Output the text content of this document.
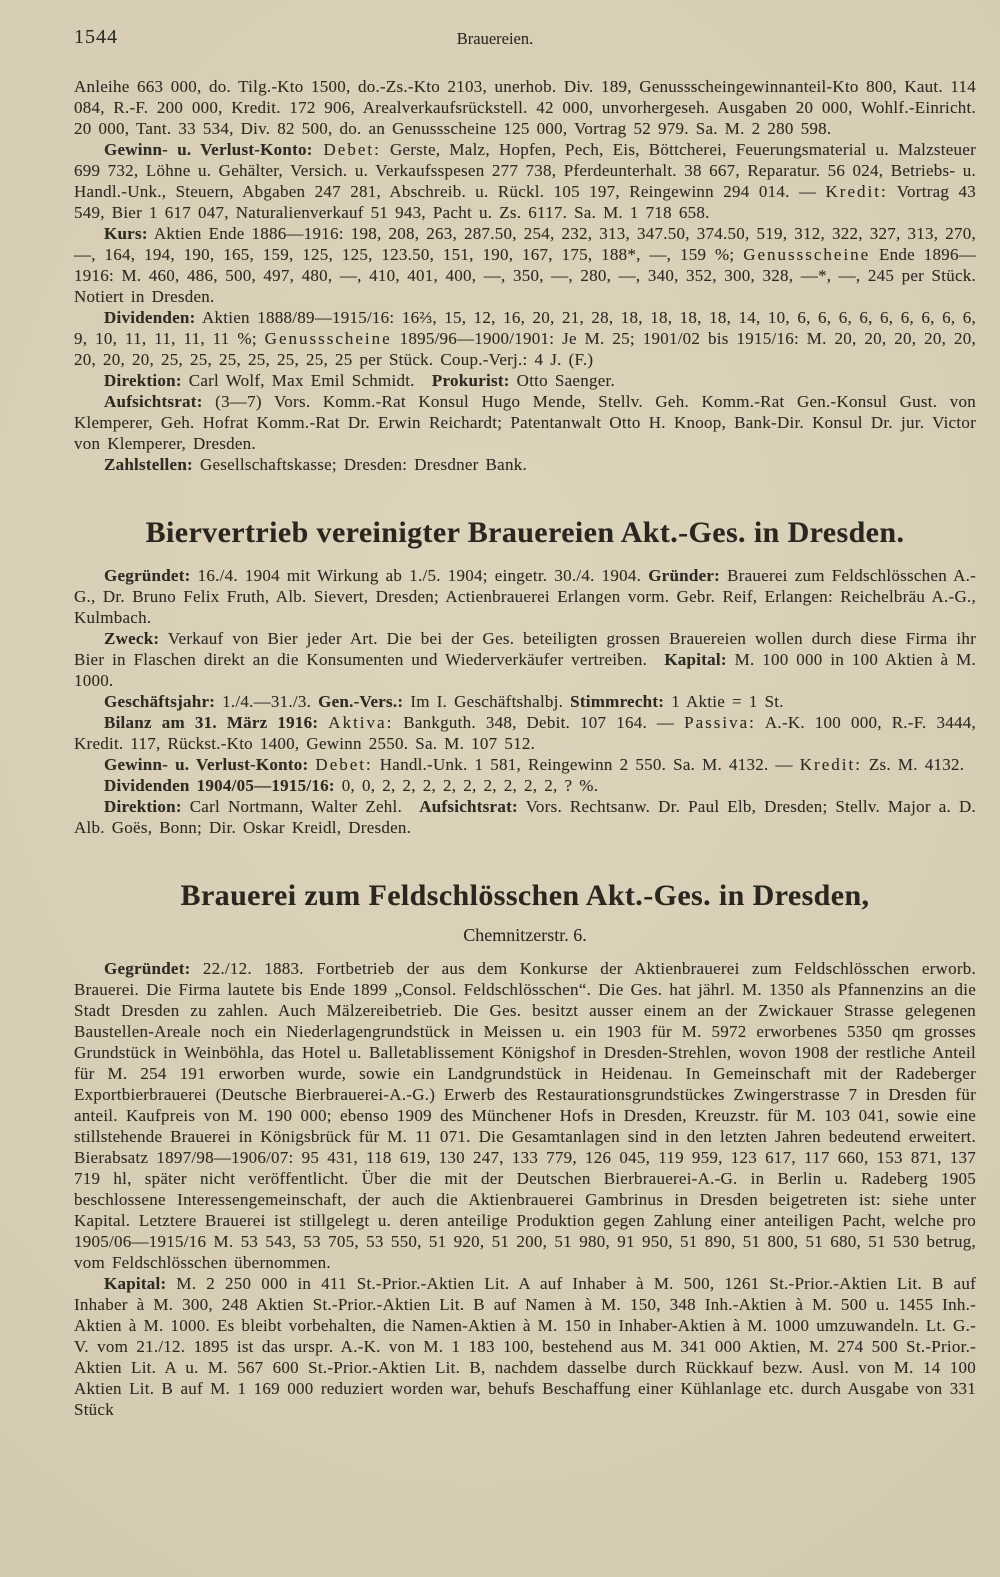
1544	Brauereien.

Anleihe 663 000, do. Tilg.-Kto 1500, do.-Zs.-Kto 2103, unerhob. Div. 189, Genussscheingewinnanteil-Kto 800, Kaut. 114 084, R.-F. 200 000, Kredit. 172 906, Arealverkaufsrückstell. 42 000, unvorhergeseh. Ausgaben 20 000, Wohlf.-Einricht. 20 000, Tant. 33 534, Div. 82 500, do. an Genussscheine 125 000, Vortrag 52 979. Sa. M. 2 280 598.

Gewinn- u. Verlust-Konto: Debet: Gerste, Malz, Hopfen, Pech, Eis, Böttcherei, Feuerungsmaterial u. Malzsteuer 699 732, Löhne u. Gehälter, Versich. u. Verkaufsspesen 277 738, Pferdeunterhalt. 38 667, Reparatur. 56 024, Betriebs- u. Handl.-Unk., Steuern, Abgaben 247 281, Abschreib. u. Rückl. 105 197, Reingewinn 294 014. — Kredit: Vortrag 43 549, Bier 1 617 047, Naturalienverkauf 51 943, Pacht u. Zs. 6117. Sa. M. 1 718 658.

Kurs: Aktien Ende 1886—1916: 198, 208, 263, 287.50, 254, 232, 313, 347.50, 374.50, 519, 312, 322, 327, 313, 270, —, 164, 194, 190, 165, 159, 125, 125, 123.50, 151, 190, 167, 175, 188*, —, 159 %; Genussscheine Ende 1896—1916: M. 460, 486, 500, 497, 480, —, 410, 401, 400, —, 350, —, 280, —, 340, 352, 300, 328, —*, —, 245 per Stück. Notiert in Dresden.

Dividenden: Aktien 1888/89—1915/16: 16⅔, 15, 12, 16, 20, 21, 28, 18, 18, 18, 18, 14, 10, 6, 6, 6, 6, 6, 6, 6, 6, 6, 9, 10, 11, 11, 11, 11 %; Genussscheine 1895/96—1900/1901: Je M. 25; 1901/02 bis 1915/16: M. 20, 20, 20, 20, 20, 20, 20, 20, 25, 25, 25, 25, 25, 25, 25 per Stück. Coup.-Verj.: 4 J. (F.)

Direktion: Carl Wolf, Max Emil Schmidt. Prokurist: Otto Saenger.

Aufsichtsrat: (3—7) Vors. Komm.-Rat Konsul Hugo Mende, Stellv. Geh. Komm.-Rat Gen.-Konsul Gust. von Klemperer, Geh. Hofrat Komm.-Rat Dr. Erwin Reichardt; Patentanwalt Otto H. Knoop, Bank-Dir. Konsul Dr. jur. Victor von Klemperer, Dresden.

Zahlstellen: Gesellschaftskasse; Dresden: Dresdner Bank.

Biervertrieb vereinigter Brauereien Akt.-Ges. in Dresden.

Gegründet: 16./4. 1904 mit Wirkung ab 1./5. 1904; eingetr. 30./4. 1904. Gründer: Brauerei zum Feldschlösschen A.-G., Dr. Bruno Felix Fruth, Alb. Sievert, Dresden; Actienbrauerei Erlangen vorm. Gebr. Reif, Erlangen: Reichelbräu A.-G., Kulmbach.

Zweck: Verkauf von Bier jeder Art. Die bei der Ges. beteiligten grossen Brauereien wollen durch diese Firma ihr Bier in Flaschen direkt an die Konsumenten und Wiederverkäufer vertreiben. Kapital: M. 100 000 in 100 Aktien à M. 1000.

Geschäftsjahr: 1./4.—31./3. Gen.-Vers.: Im I. Geschäftshalbj. Stimmrecht: 1 Aktie = 1 St.

Bilanz am 31. März 1916: Aktiva: Bankguth. 348, Debit. 107 164. — Passiva: A.-K. 100 000, R.-F. 3444, Kredit. 117, Rückst.-Kto 1400, Gewinn 2550. Sa. M. 107 512.

Gewinn- u. Verlust-Konto: Debet: Handl.-Unk. 1 581, Reingewinn 2 550. Sa. M. 4132. — Kredit: Zs. M. 4132.

Dividenden 1904/05—1915/16: 0, 0, 2, 2, 2, 2, 2, 2, 2, 2, 2, ? %.

Direktion: Carl Nortmann, Walter Zehl. Aufsichtsrat: Vors. Rechtsanw. Dr. Paul Elb, Dresden; Stellv. Major a. D. Alb. Goës, Bonn; Dir. Oskar Kreidl, Dresden.

Brauerei zum Feldschlösschen Akt.-Ges. in Dresden,
Chemnitzerstr. 6.

Gegründet: 22./12. 1883. Fortbetrieb der aus dem Konkurse der Aktienbrauerei zum Feldschlösschen erworb. Brauerei. Die Firma lautete bis Ende 1899 „Consol. Feldschlösschen“. Die Ges. hat jährl. M. 1350 als Pfannenzins an die Stadt Dresden zu zahlen. Auch Mälzereibetrieb. Die Ges. besitzt ausser einem an der Zwickauer Strasse gelegenen Baustellen-Areale noch ein Niederlagengrundstück in Meissen u. ein 1903 für M. 5972 erworbenes 5350 qm grosses Grundstück in Weinböhla, das Hotel u. Balletablissement Königshof in Dresden-Strehlen, wovon 1908 der restliche Anteil für M. 254 191 erworben wurde, sowie ein Landgrundstück in Heidenau. In Gemeinschaft mit der Radeberger Exportbierbrauerei (Deutsche Bierbrauerei-A.-G.) Erwerb des Restaurationsgrundstückes Zwingerstrasse 7 in Dresden für anteil. Kaufpreis von M. 190 000; ebenso 1909 des Münchener Hofs in Dresden, Kreuzstr. für M. 103 041, sowie eine stillstehende Brauerei in Königsbrück für M. 11 071. Die Gesamtanlagen sind in den letzten Jahren bedeutend erweitert. Bierabsatz 1897/98—1906/07: 95 431, 118 619, 130 247, 133 779, 126 045, 119 959, 123 617, 117 660, 153 871, 137 719 hl, später nicht veröffentlicht. Über die mit der Deutschen Bierbrauerei-A.-G. in Berlin u. Radeberg 1905 beschlossene Interessengemeinschaft, der auch die Aktienbrauerei Gambrinus in Dresden beigetreten ist: siehe unter Kapital. Letztere Brauerei ist stillgelegt u. deren anteilige Produktion gegen Zahlung einer anteiligen Pacht, welche pro 1905/06—1915/16 M. 53 543, 53 705, 53 550, 51 920, 51 200, 51 980, 91 950, 51 890, 51 800, 51 680, 51 530 betrug, vom Feldschlösschen übernommen.

Kapital: M. 2 250 000 in 411 St.-Prior.-Aktien Lit. A auf Inhaber à M. 500, 1261 St.-Prior.-Aktien Lit. B auf Inhaber à M. 300, 248 Aktien St.-Prior.-Aktien Lit. B auf Namen à M. 150, 348 Inh.-Aktien à M. 500 u. 1455 Inh.-Aktien à M. 1000. Es bleibt vorbehalten, die Namen-Aktien à M. 150 in Inhaber-Aktien à M. 1000 umzuwandeln. Lt. G.-V. vom 21./12. 1895 ist das urspr. A.-K. von M. 1 183 100, bestehend aus M. 341 000 Aktien, M. 274 500 St.-Prior.-Aktien Lit. A u. M. 567 600 St.-Prior.-Aktien Lit. B, nachdem dasselbe durch Rückkauf bezw. Ausl. von M. 14 100 Aktien Lit. B auf M. 1 169 000 reduziert worden war, behufs Beschaffung einer Kühlanlage etc. durch Ausgabe von 331 Stück
